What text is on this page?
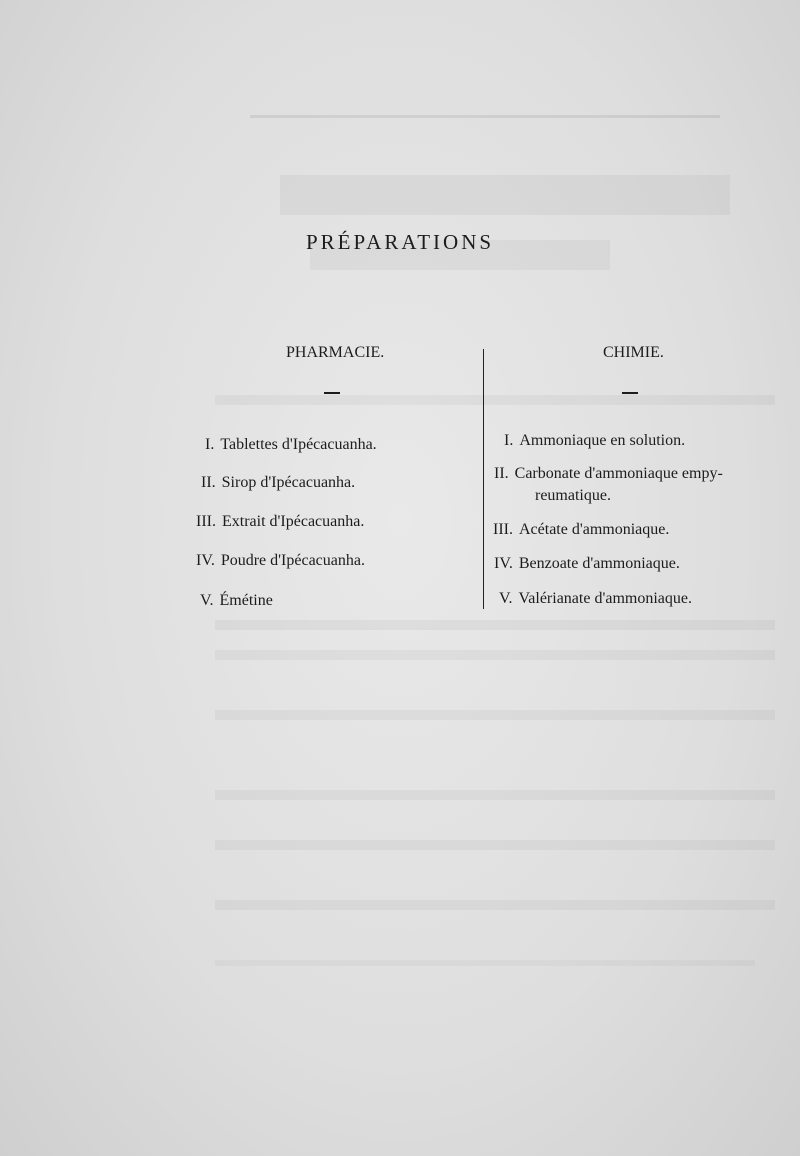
PRÉPARATIONS
PHARMACIE.	CHIMIE.
I. Tablettes d'Ipécacuanha.
II. Sirop d'Ipécacuanha.
III. Extrait d'Ipécacuanha.
IV. Poudre d'Ipécacuanha.
V. Émétine
I. Ammoniaque en solution.
II. Carbonate d'ammoniaque empy-
reumatique.
III. Acétate d'ammoniaque.
IV. Benzoate d'ammoniaque.
V. Valérianate d'ammoniaque.
